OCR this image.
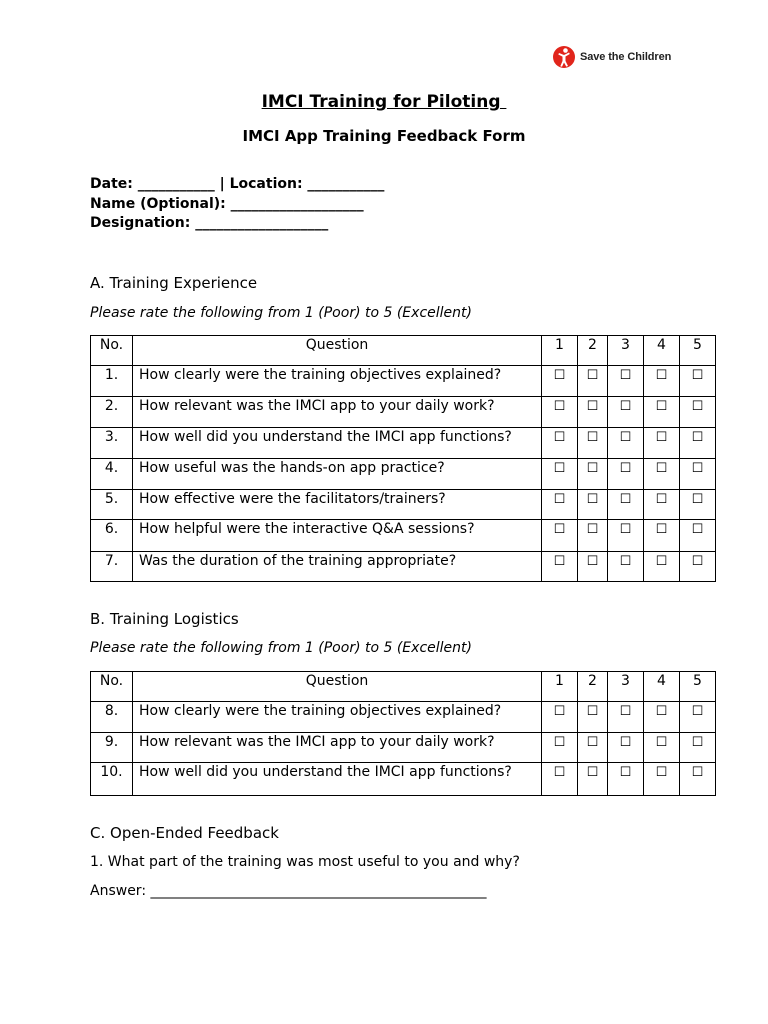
Save the Children
IMCI Training for Piloting
IMCI App Training Feedback Form
Date: ___________ | Location: ___________
Name (Optional): ___________________
Designation: ___________________
A. Training Experience
Please rate the following from 1 (Poor) to 5 (Excellent)
No.	Question	1	2	3	4	5
1.	How clearly were the training objectives explained?	☐	☐	☐	☐	☐
2.	How relevant was the IMCI app to your daily work?	☐	☐	☐	☐	☐
3.	How well did you understand the IMCI app functions?	☐	☐	☐	☐	☐
4.	How useful was the hands-on app practice?	☐	☐	☐	☐	☐
5.	How effective were the facilitators/trainers?	☐	☐	☐	☐	☐
6.	How helpful were the interactive Q&A sessions?	☐	☐	☐	☐	☐
7.	Was the duration of the training appropriate?	☐	☐	☐	☐	☐
B. Training Logistics
Please rate the following from 1 (Poor) to 5 (Excellent)
No.	Question	1	2	3	4	5
8.	How clearly were the training objectives explained?	☐	☐	☐	☐	☐
9.	How relevant was the IMCI app to your daily work?	☐	☐	☐	☐	☐
10.	How well did you understand the IMCI app functions?	☐	☐	☐	☐	☐
C. Open-Ended Feedback
1. What part of the training was most useful to you and why?
Answer: ________________________________________________
